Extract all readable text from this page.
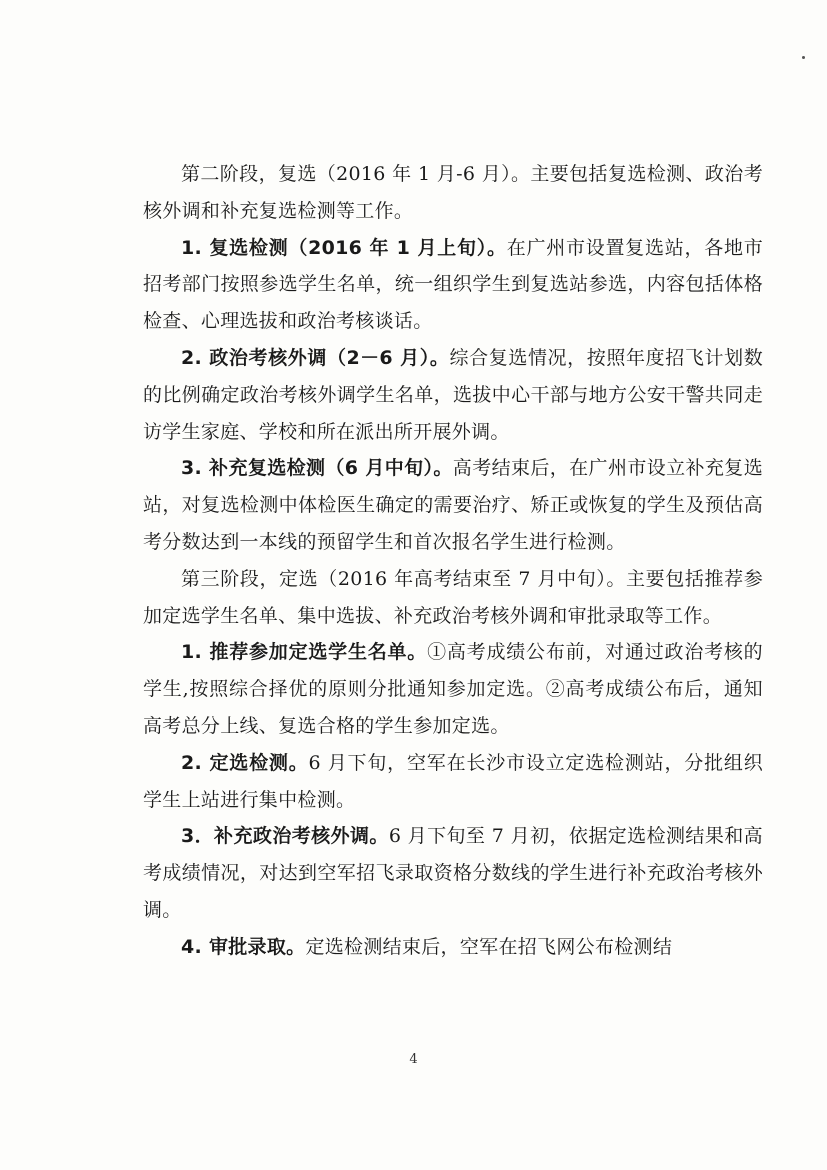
第二阶段，复选（2016 年 1 月-6 月）。主要包括复选检测、政治考核外调和补充复选检测等工作。

1. 复选检测（2016 年 1 月上旬）。在广州市设置复选站，各地市招考部门按照参选学生名单，统一组织学生到复选站参选，内容包括体格检查、心理选拔和政治考核谈话。

2. 政治考核外调（2－6 月）。综合复选情况，按照年度招飞计划数的比例确定政治考核外调学生名单，选拔中心干部与地方公安干警共同走访学生家庭、学校和所在派出所开展外调。

3. 补充复选检测（6 月中旬）。高考结束后，在广州市设立补充复选站，对复选检测中体检医生确定的需要治疗、矫正或恢复的学生及预估高考分数达到一本线的预留学生和首次报名学生进行检测。

第三阶段，定选（2016 年高考结束至 7 月中旬）。主要包括推荐参加定选学生名单、集中选拔、补充政治考核外调和审批录取等工作。

1. 推荐参加定选学生名单。①高考成绩公布前，对通过政治考核的学生,按照综合择优的原则分批通知参加定选。②高考成绩公布后，通知高考总分上线、复选合格的学生参加定选。

2. 定选检测。6 月下旬，空军在长沙市设立定选检测站，分批组织学生上站进行集中检测。

3．补充政治考核外调。6 月下旬至 7 月初，依据定选检测结果和高考成绩情况，对达到空军招飞录取资格分数线的学生进行补充政治考核外调。

4. 审批录取。定选检测结束后，空军在招飞网公布检测结

4
